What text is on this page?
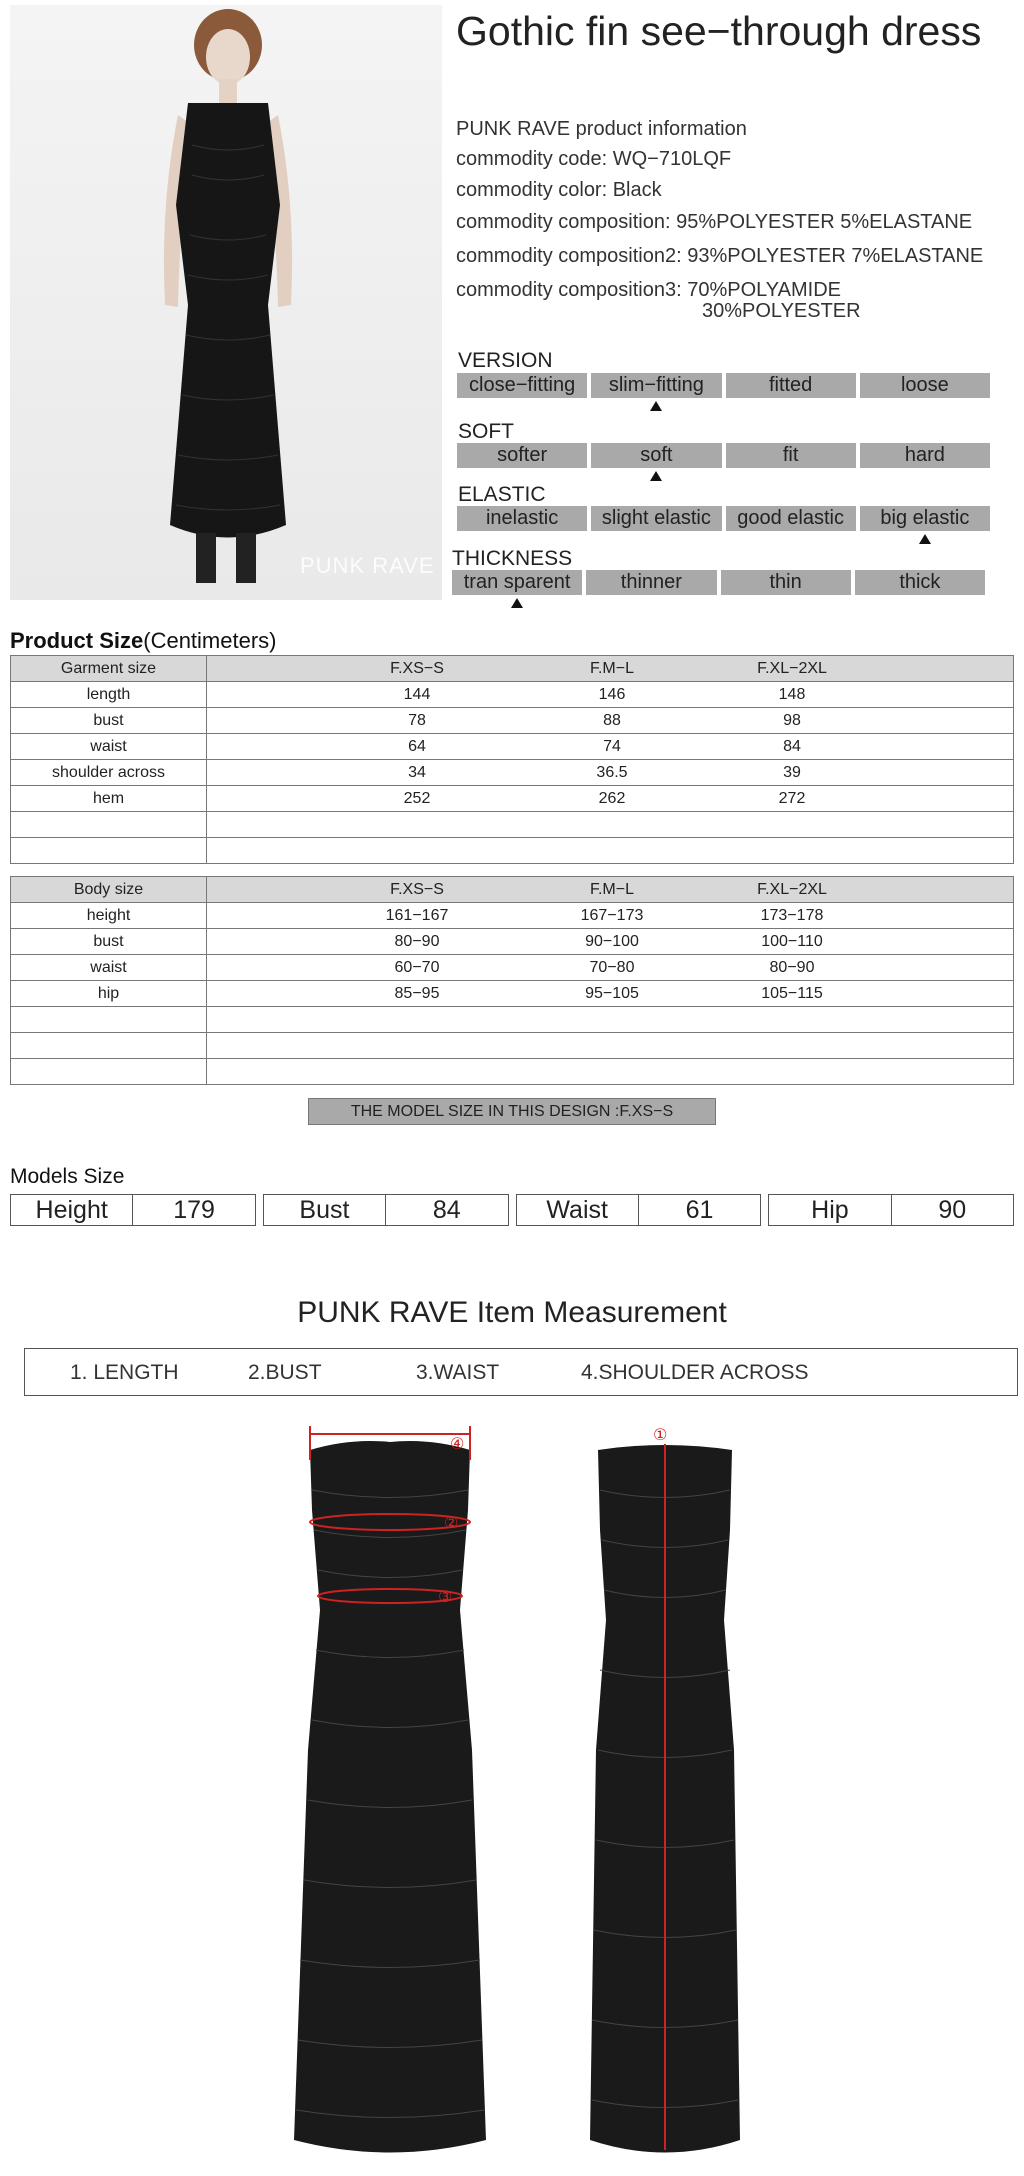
PUNK RAVE
Gothic fin see−through dress
PUNK RAVE product information
commodity code: WQ−710LQF
commodity color: Black
commodity composition: 95%POLYESTER 5%ELASTANE
commodity composition2: 93%POLYESTER 7%ELASTANE
commodity composition3: 70%POLYAMIDE
30%POLYESTER
VERSION
close−fitting	slim−fitting	fitted	loose
SOFT
softer	soft	fit	hard
ELASTIC
inelastic	slight elastic	good elastic	big elastic
THICKNESS
tran sparent	thinner	thin	thick
Product Size(Centimeters)
Garment size	F.XS−S F.M−L F.XL−2XL

length	144 146 148

bust	78 88 98

waist	64 74 84

shoulder across	34 36.5 39

hem	252 262 272

Body size	F.XS−S F.M−L F.XL−2XL

height	161−167 167−173 173−178

bust	80−90 90−100 100−110

waist	60−70 70−80 80−90

hip	85−95 95−105 105−115

THE MODEL SIZE IN THIS DESIGN :F.XS−S
Models Size
Height	179	Bust	84	Waist	61	Hip	90
PUNK RAVE Item Measurement
1. LENGTH	2.BUST	3.WAIST	4.SHOULDER ACROSS
④
②
③
①
